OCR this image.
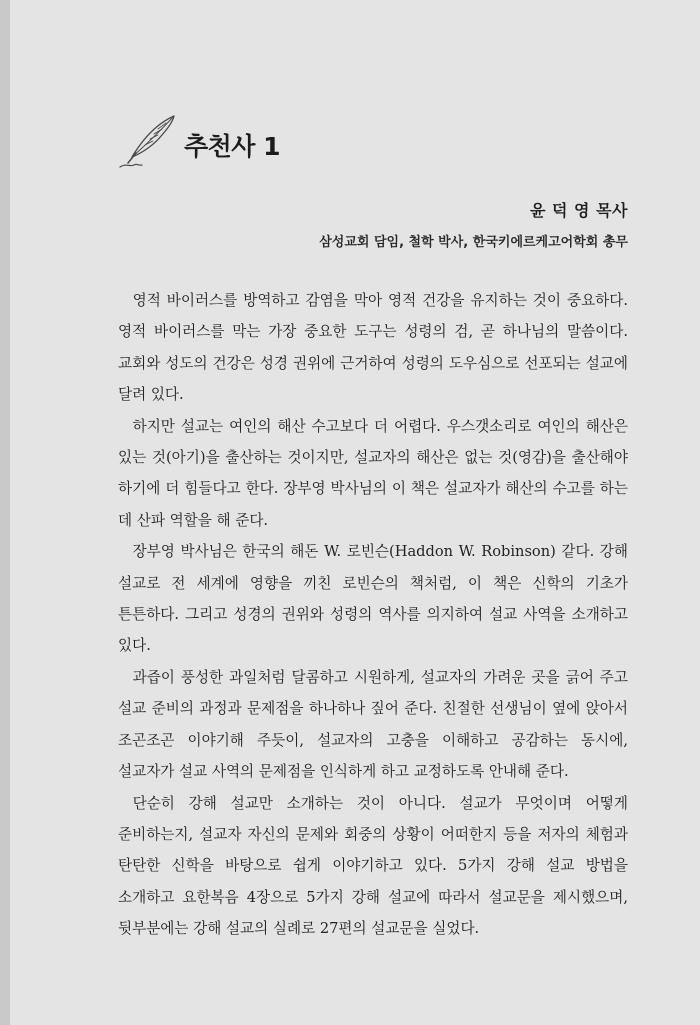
추천사 1
윤 덕 영 목사
삼성교회 담임, 철학 박사, 한국키에르케고어학회 총무

영적 바이러스를 방역하고 감염을 막아 영적 건강을 유지하는 것이 중요하다. 영적 바이러스를 막는 가장 중요한 도구는 성령의 검, 곧 하나님의 말씀이다. 교회와 성도의 건강은 성경 권위에 근거하여 성령의 도우심으로 선포되는 설교에 달려 있다.

하지만 설교는 여인의 해산 수고보다 더 어렵다. 우스갯소리로 여인의 해산은 있는 것(아기)을 출산하는 것이지만, 설교자의 해산은 없는 것(영감)을 출산해야 하기에 더 힘들다고 한다. 장부영 박사님의 이 책은 설교자가 해산의 수고를 하는 데 산파 역할을 해 준다.

장부영 박사님은 한국의 해돈 W. 로빈슨(Haddon W. Robinson) 같다. 강해 설교로 전 세계에 영향을 끼친 로빈슨의 책처럼, 이 책은 신학의 기초가 튼튼하다. 그리고 성경의 권위와 성령의 역사를 의지하여 설교 사역을 소개하고 있다.

과즙이 풍성한 과일처럼 달콤하고 시원하게, 설교자의 가려운 곳을 긁어 주고 설교 준비의 과정과 문제점을 하나하나 짚어 준다. 친절한 선생님이 옆에 앉아서 조곤조곤 이야기해 주듯이, 설교자의 고충을 이해하고 공감하는 동시에, 설교자가 설교 사역의 문제점을 인식하게 하고 교정하도록 안내해 준다.

단순히 강해 설교만 소개하는 것이 아니다. 설교가 무엇이며 어떻게 준비하는지, 설교자 자신의 문제와 회중의 상황이 어떠한지 등을 저자의 체험과 탄탄한 신학을 바탕으로 쉽게 이야기하고 있다. 5가지 강해 설교 방법을 소개하고 요한복음 4장으로 5가지 강해 설교에 따라서 설교문을 제시했으며, 뒷부분에는 강해 설교의 실례로 27편의 설교문을 실었다.
